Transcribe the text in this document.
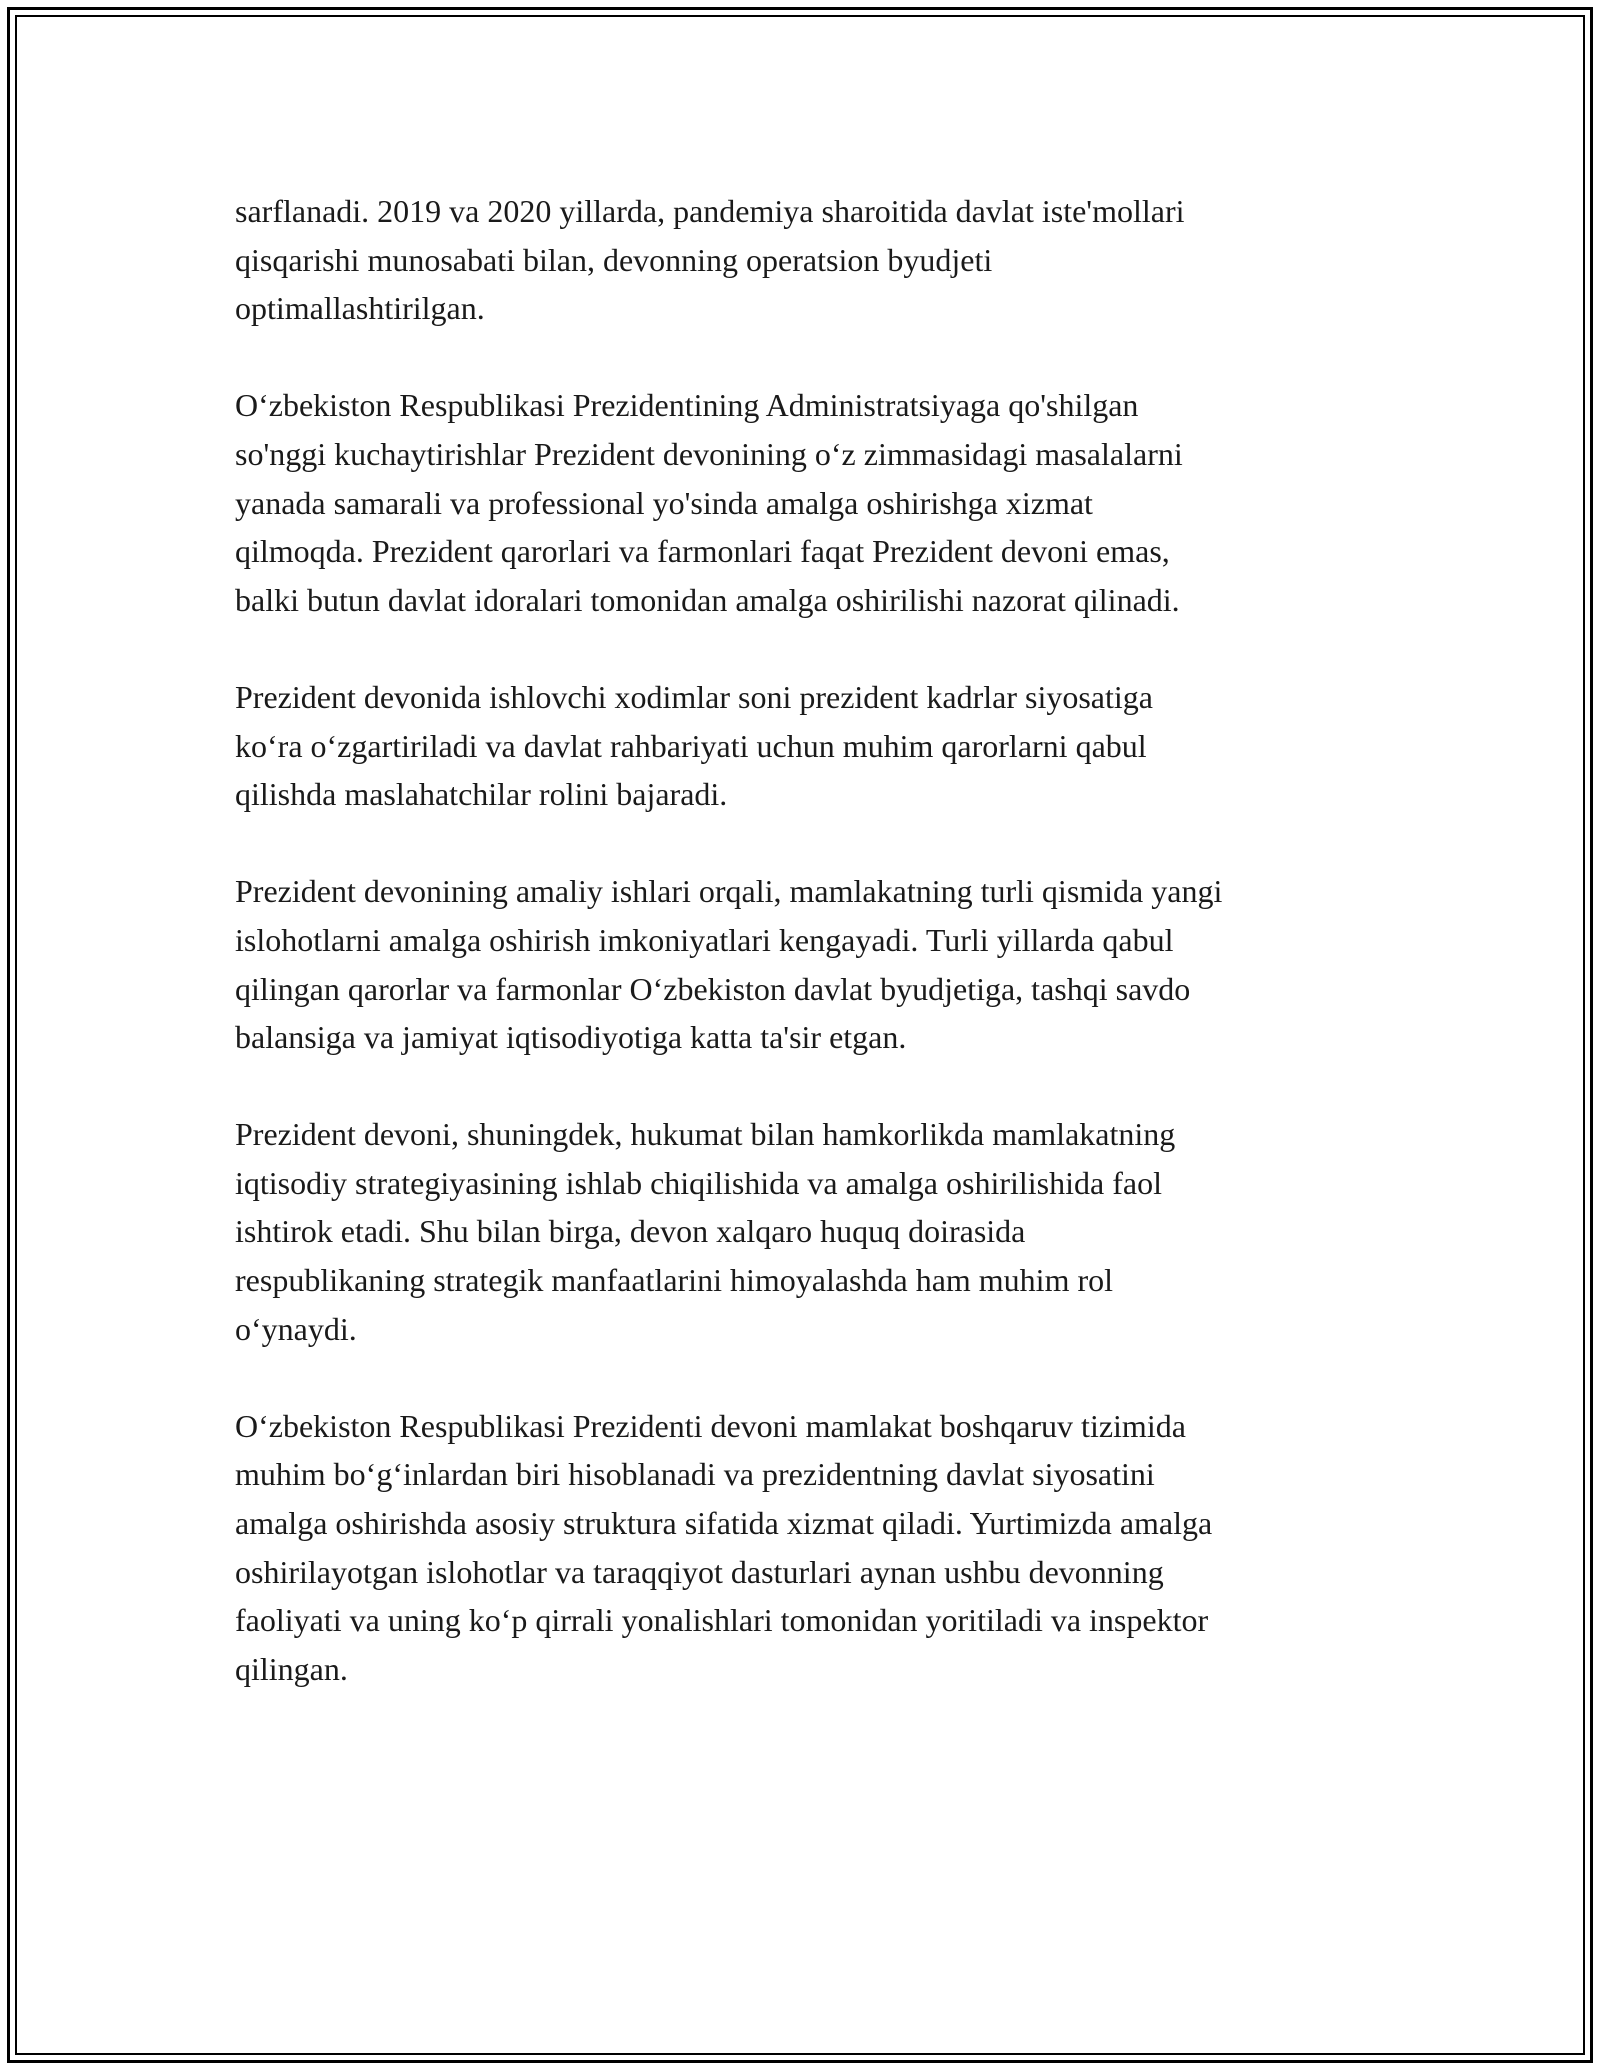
sarflanadi. 2019 va 2020 yillarda, pandemiya sharoitida davlat iste'mollari
qisqarishi munosabati bilan, devonning operatsion byudjeti
optimallashtirilgan.

Oʻzbekiston Respublikasi Prezidentining Administratsiyaga qo'shilgan
so'nggi kuchaytirishlar Prezident devonining oʻz zimmasidagi masalalarni
yanada samarali va professional yo'sinda amalga oshirishga xizmat
qilmoqda. Prezident qarorlari va farmonlari faqat Prezident devoni emas,
balki butun davlat idoralari tomonidan amalga oshirilishi nazorat qilinadi.

Prezident devonida ishlovchi xodimlar soni prezident kadrlar siyosatiga
koʻra oʻzgartiriladi va davlat rahbariyati uchun muhim qarorlarni qabul
qilishda maslahatchilar rolini bajaradi.

Prezident devonining amaliy ishlari orqali, mamlakatning turli qismida yangi
islohotlarni amalga oshirish imkoniyatlari kengayadi. Turli yillarda qabul
qilingan qarorlar va farmonlar Oʻzbekiston davlat byudjetiga, tashqi savdo
balansiga va jamiyat iqtisodiyotiga katta ta'sir etgan.

Prezident devoni, shuningdek, hukumat bilan hamkorlikda mamlakatning
iqtisodiy strategiyasining ishlab chiqilishida va amalga oshirilishida faol
ishtirok etadi. Shu bilan birga, devon xalqaro huquq doirasida
respublikaning strategik manfaatlarini himoyalashda ham muhim rol
oʻynaydi.

Oʻzbekiston Respublikasi Prezidenti devoni mamlakat boshqaruv tizimida
muhim boʻgʻinlardan biri hisoblanadi va prezidentning davlat siyosatini
amalga oshirishda asosiy struktura sifatida xizmat qiladi. Yurtimizda amalga
oshirilayotgan islohotlar va taraqqiyot dasturlari aynan ushbu devonning
faoliyati va uning koʻp qirrali yonalishlari tomonidan yoritiladi va inspektor
qilingan.
